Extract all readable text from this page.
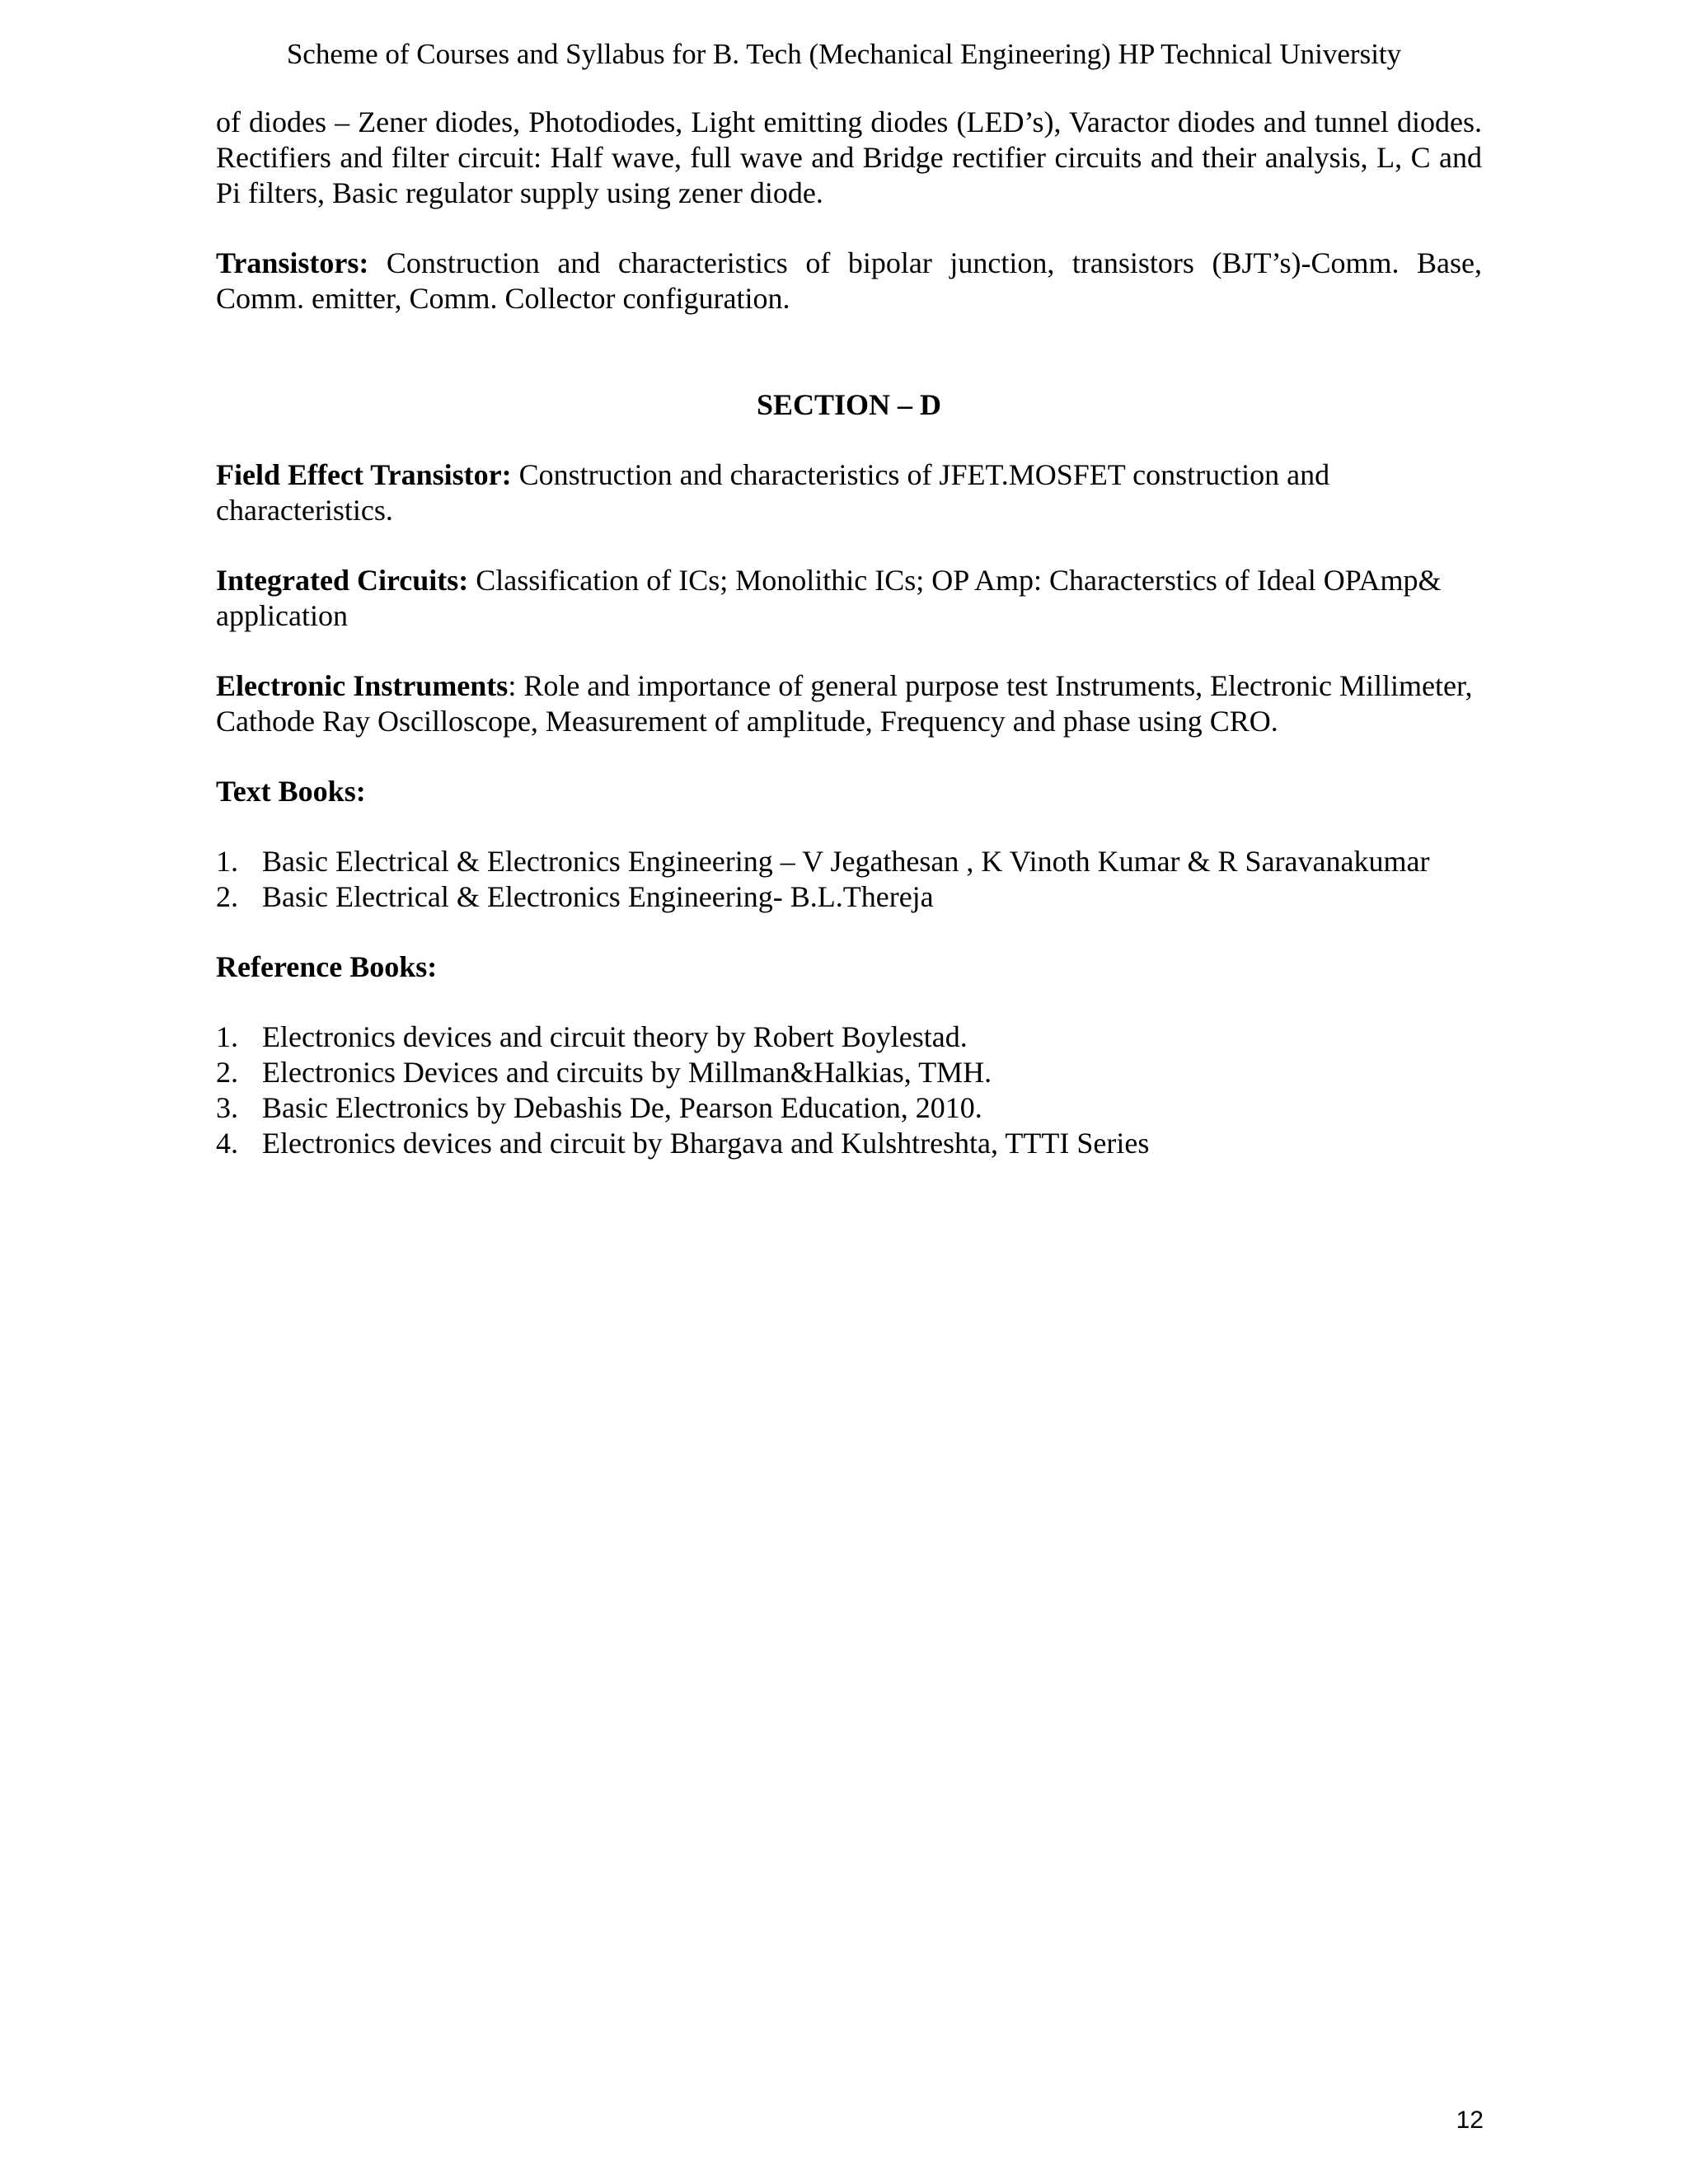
Scheme of Courses and Syllabus for B. Tech (Mechanical Engineering) HP Technical University

of diodes – Zener diodes, Photodiodes, Light emitting diodes (LED’s), Varactor diodes and tunnel diodes. Rectifiers and filter circuit: Half wave, full wave and Bridge rectifier circuits and their analysis, L, C and Pi filters, Basic regulator supply using zener diode.

Transistors: Construction and characteristics of bipolar junction, transistors (BJT’s)-Comm. Base, Comm. emitter, Comm. Collector configuration.

SECTION – D

Field Effect Transistor: Construction and characteristics of JFET.MOSFET construction and characteristics.

Integrated Circuits: Classification of ICs; Monolithic ICs; OP Amp: Characterstics of Ideal OPAmp& application

Electronic Instruments: Role and importance of general purpose test Instruments, Electronic Millimeter, Cathode Ray Oscilloscope, Measurement of amplitude, Frequency and phase using CRO.

Text Books:
1. Basic Electrical & Electronics Engineering – V Jegathesan , K Vinoth Kumar & R Saravanakumar
2. Basic Electrical & Electronics Engineering- B.L.Thereja
Reference Books:
1. Electronics devices and circuit theory by Robert Boylestad.
2. Electronics Devices and circuits by Millman&Halkias, TMH.
3. Basic Electronics by Debashis De, Pearson Education, 2010.
4. Electronics devices and circuit by Bhargava and Kulshtreshta, TTTI Series
12
